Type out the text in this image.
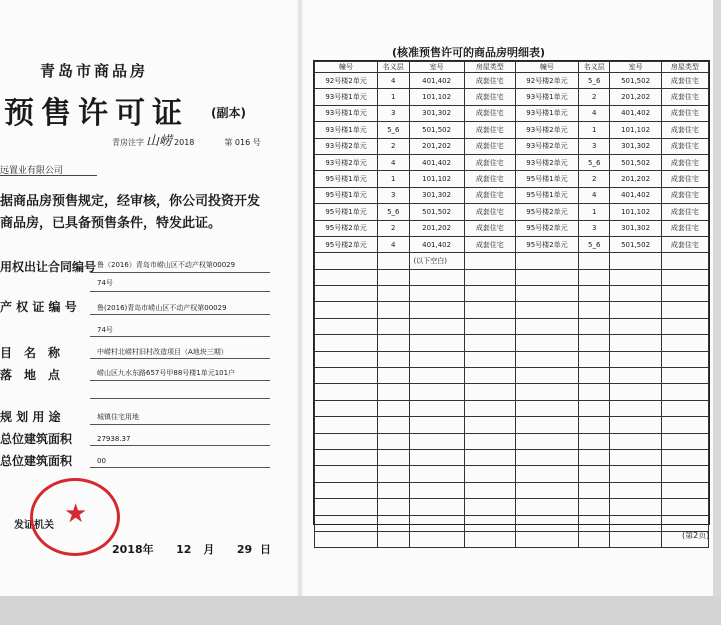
青岛市商品房
预售许可证 (副本)
青房注字 山崂 2018	第 016 号
远置业有限公司
据商品房预售规定，经审核，你公司投资开发
商品房，已具备预售条件，特发此证。
用权出让合同编号 鲁（2016）青岛市崂山区不动产权第00029
74号
产 权 证 编 号	鲁(2016)青岛市崂山区不动产权第00029
74号
目　名　称	中崂村北崂村旧村改造项目（A地块三期）
落　地　点	崂山区九水东路657号甲88号楼1单元101户
规 划 用 途	城镇住宅用地
总位建筑面积	27938.37
总位建筑面积	00
发证机关 ★
2018年 12 月 29 日
(核准预售许可的商品房明细表)
幢号	名义层	室号	房屋类型	幢号	名义层	室号	房屋类型
92号楼2单元	4	401,402	成套住宅	92号楼2单元	5_6	501,502	成套住宅
93号楼1单元	1	101,102	成套住宅	93号楼1单元	2	201,202	成套住宅
93号楼1单元	3	301,302	成套住宅	93号楼1单元	4	401,402	成套住宅
93号楼1单元	5_6	501,502	成套住宅	93号楼2单元	1	101,102	成套住宅
93号楼2单元	2	201,202	成套住宅	93号楼2单元	3	301,302	成套住宅
93号楼2单元	4	401,402	成套住宅	93号楼2单元	5_6	501,502	成套住宅
95号楼1单元	1	101,102	成套住宅	95号楼1单元	2	201,202	成套住宅
95号楼1单元	3	301,302	成套住宅	95号楼1单元	4	401,402	成套住宅
95号楼1单元	5_6	501,502	成套住宅	95号楼2单元	1	101,102	成套住宅
95号楼2单元	2	201,202	成套住宅	95号楼2单元	3	301,302	成套住宅
95号楼2单元	4	401,402	成套住宅	95号楼2单元	5_6	501,502	成套住宅
		(以下空白)					

(第2页)
